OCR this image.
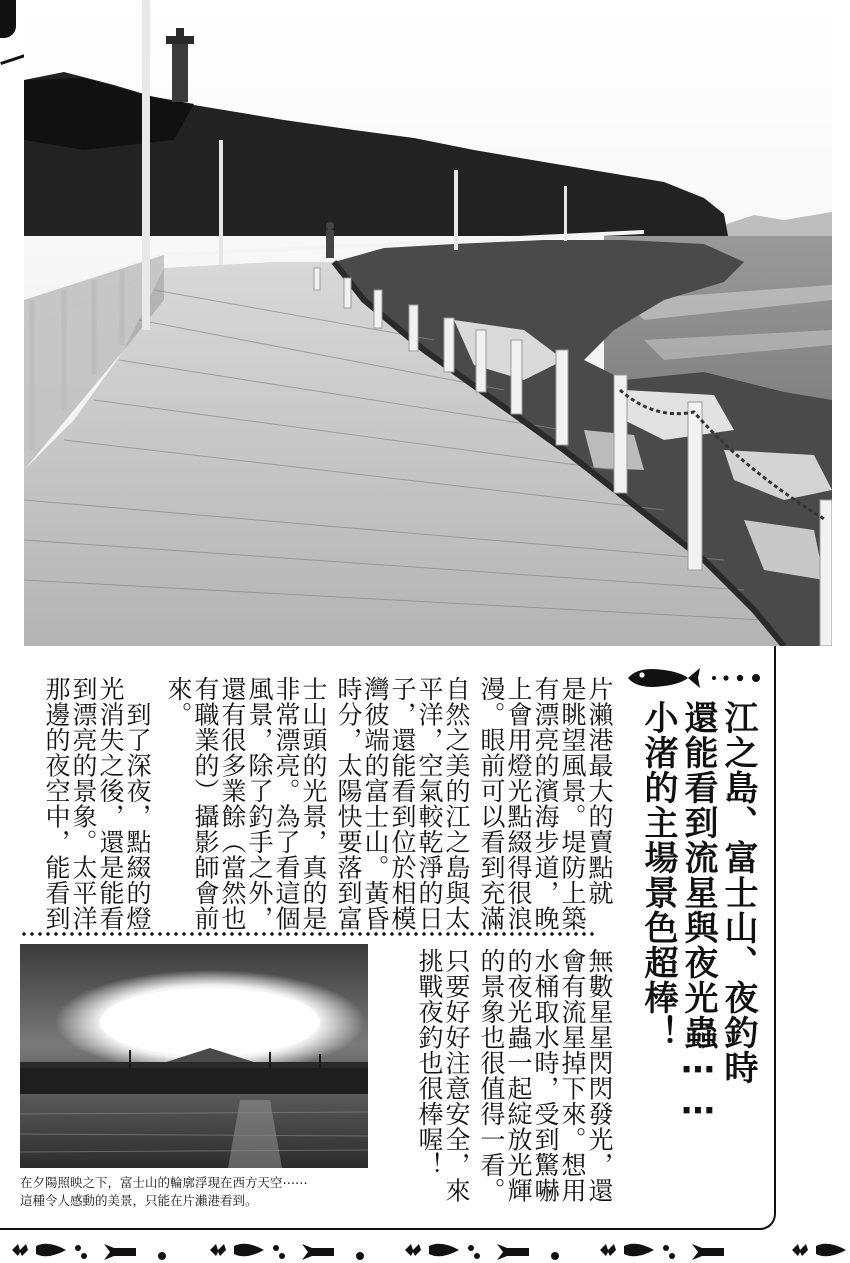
江之島、富士山、夜釣時
還能看到流星與夜光蟲⋯⋯
小渚的主場景色超棒！
片瀨港最大的賣點就
是眺望風景。堤防上築
有漂亮的濱海步道，晚
上會用燈光點綴得很浪
漫。眼前可以看到充滿
自然之美的江之島與太
平洋，空氣較乾淨的日
子，還能看到位於相模
灣彼端的富士山。黃昏
時分，太陽快要落到富
士山頭的光景，真的是
非常漂亮。為了看這個
風景，除了釣手之外，
還有很多業餘（當然也
有職業的）攝影師會前
來。
　到了深夜，點綴的燈
光消失之後，還是能看
到漂亮的景象。太平洋
那邊的夜空中，能看到
無數星星閃閃發光，還
會有流星掉下來。想用
水桶取水時，受到驚嚇
的夜光蟲一起綻放光輝
的景象也很值得一看。
只要好好注意安全，來
挑戰夜釣也很棒喔！
在夕陽照映之下，富士山的輪廓浮現在西方天空⋯⋯
這種令人感動的美景，只能在片瀨港看到。
